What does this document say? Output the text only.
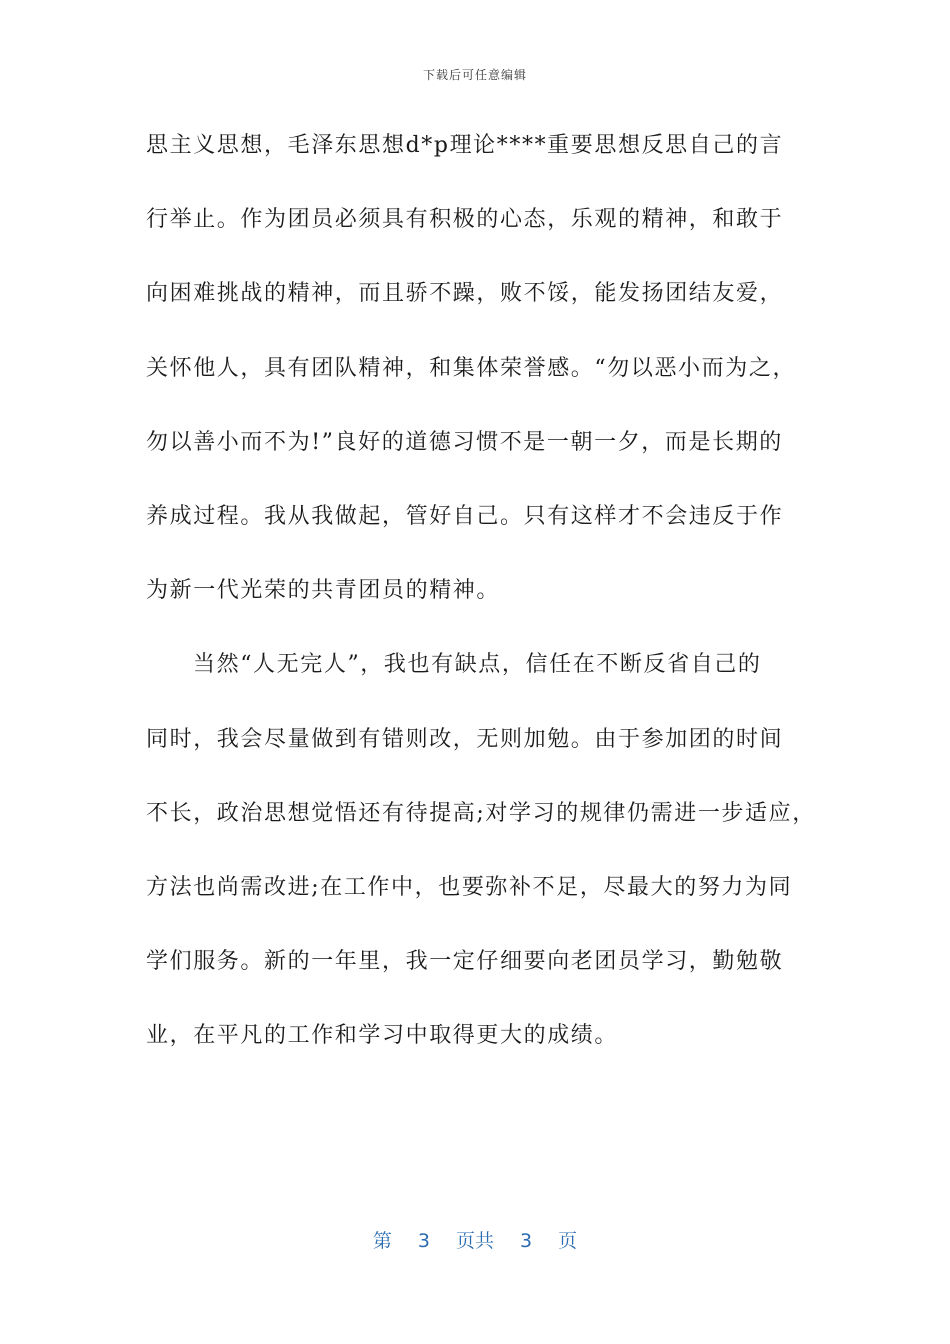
下载后可任意编辑
思主义思想，毛泽东思想d*p理论****重要思想反思自己的言
行举止。作为团员必须具有积极的心态，乐观的精神，和敢于
向困难挑战的精神，而且骄不躁，败不馁，能发扬团结友爱，
关怀他人，具有团队精神，和集体荣誉感。“勿以恶小而为之，
勿以善小而不为!”良好的道德习惯不是一朝一夕，而是长期的
养成过程。我从我做起，管好自己。只有这样才不会违反于作
为新一代光荣的共青团员的精神。
当然“人无完人”，我也有缺点，信任在不断反省自己的
同时，我会尽量做到有错则改，无则加勉。由于参加团的时间
不长，政治思想觉悟还有待提高;对学习的规律仍需进一步适应，
方法也尚需改进;在工作中，也要弥补不足，尽最大的努力为同
学们服务。新的一年里，我一定仔细要向老团员学习，勤勉敬
业，在平凡的工作和学习中取得更大的成绩。
第 3 页共 3 页
